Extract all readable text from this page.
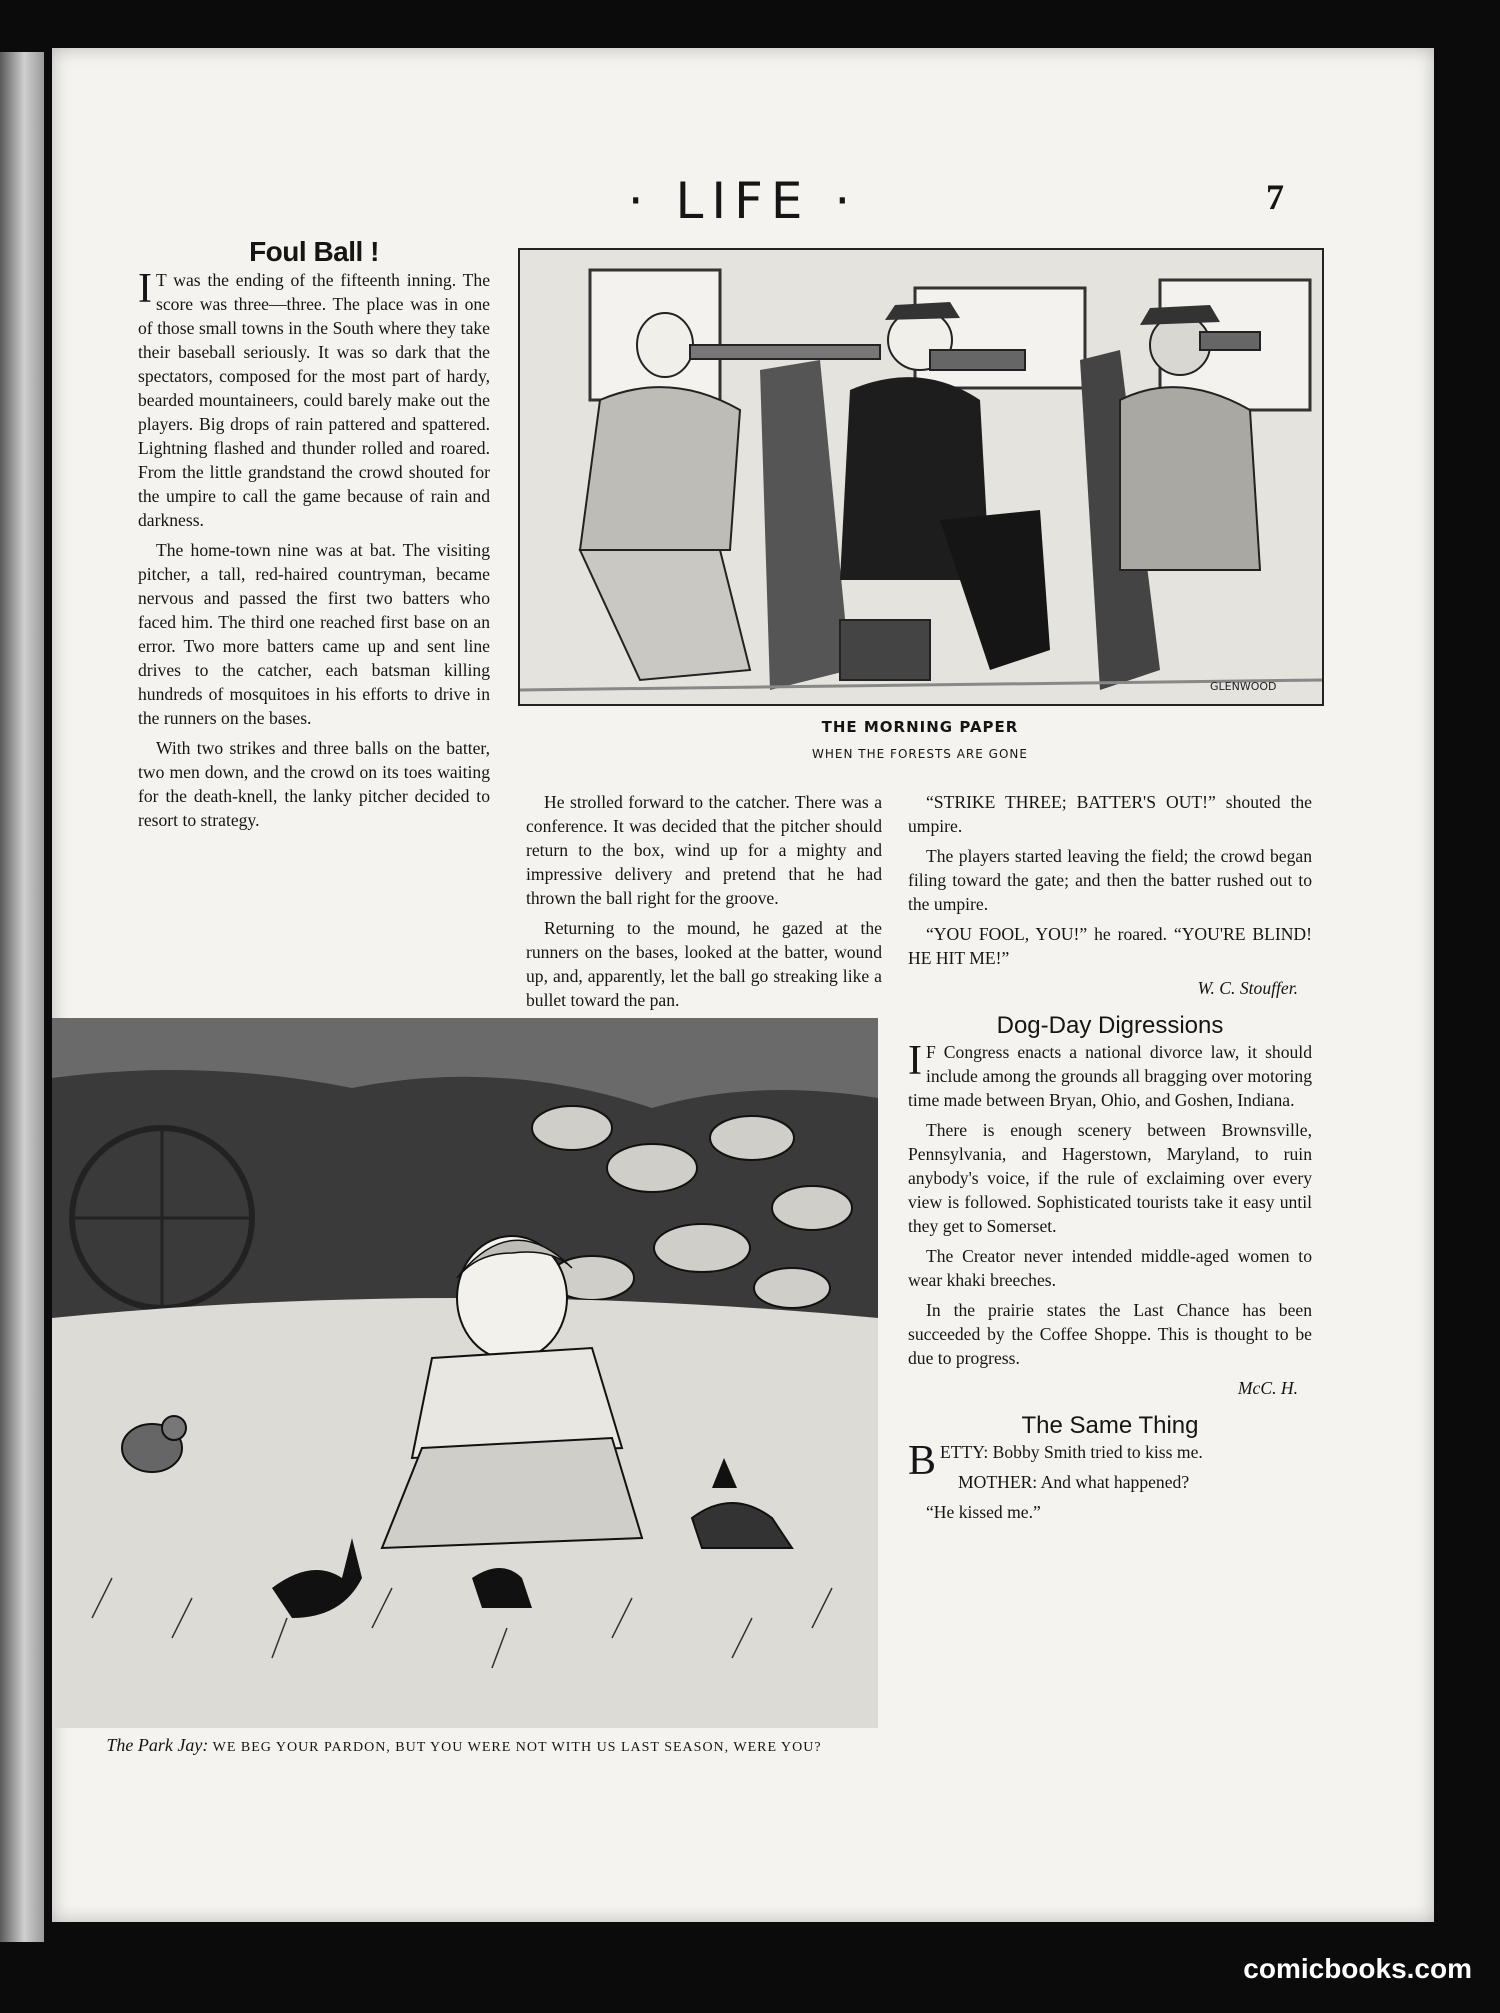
· LIFE ·	7
Foul Ball !

I T was the ending of the fifteenth inning. The score was three—three. The place was in one of those small towns in the South where they take their baseball seriously. It was so dark that the spectators, composed for the most part of hardy, bearded mountaineers, could barely make out the players. Big drops of rain pattered and spattered. Lightning flashed and thunder rolled and roared. From the little grandstand the crowd shouted for the umpire to call the game because of rain and darkness.

The home-town nine was at bat. The visiting pitcher, a tall, red-haired countryman, became nervous and passed the first two batters who faced him. The third one reached first base on an error. Two more batters came up and sent line drives to the catcher, each batsman killing hundreds of mosquitoes in his efforts to drive in the runners on the bases.

With two strikes and three balls on the batter, two men down, and the crowd on its toes waiting for the death-knell, the lanky pitcher decided to resort to strategy.

GLENWOOD
THE MORNING PAPER
WHEN THE FORESTS ARE GONE

He strolled forward to the catcher. There was a conference. It was decided that the pitcher should return to the box, wind up for a mighty and impressive delivery and pretend that he had thrown the ball right for the groove.

Returning to the mound, he gazed at the runners on the bases, looked at the batter, wound up, and, apparently, let the ball go streaking like a bullet toward the pan.

“STRIKE THREE; BATTER'S OUT!” shouted the umpire.

The players started leaving the field; the crowd began filing toward the gate; and then the batter rushed out to the umpire.

“YOU FOOL, YOU!” he roared. “YOU'RE BLIND! HE HIT ME!”

W. C. Stouffer.
Dog-Day Digressions

I F Congress enacts a national divorce law, it should include among the grounds all bragging over motoring time made between Bryan, Ohio, and Goshen, Indiana.

There is enough scenery between Brownsville, Pennsylvania, and Hagerstown, Maryland, to ruin anybody's voice, if the rule of exclaiming over every view is followed. Sophisticated tourists take it easy until they get to Somerset.

The Creator never intended middle-aged women to wear khaki breeches.

In the prairie states the Last Chance has been succeeded by the Coffee Shoppe. This is thought to be due to progress.

McC. H.
The Same Thing

BETTY: Bobby Smith tried to kiss me.

MOTHER: And what happened?

“He kissed me.”

The Park Jay: WE BEG YOUR PARDON, BUT YOU WERE NOT WITH US LAST SEASON, WERE YOU?
comicbooks.com
